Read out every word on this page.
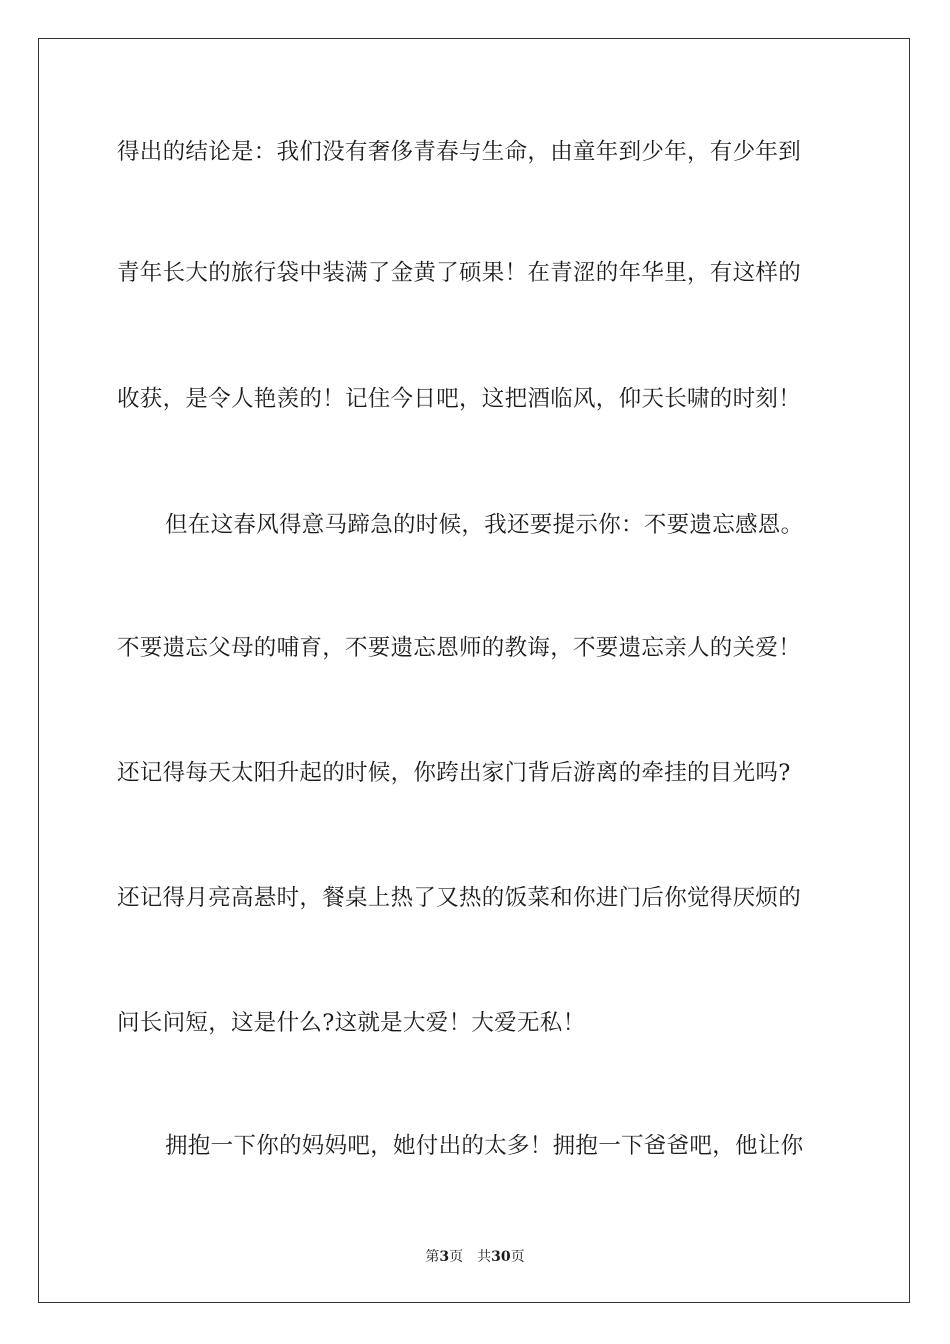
得出的结论是：我们没有奢侈青春与生命，由童年到少年，有少年到
青年长大的旅行袋中装满了金黄了硕果！在青涩的年华里，有这样的
收获，是令人艳羡的！记住今日吧，这把酒临风，仰天长啸的时刻！
但在这春风得意马蹄急的时候，我还要提示你：不要遗忘感恩。
不要遗忘父母的哺育，不要遗忘恩师的教诲，不要遗忘亲人的关爱！
还记得每天太阳升起的时候，你跨出家门背后游离的牵挂的目光吗?
还记得月亮高悬时，餐桌上热了又热的饭菜和你进门后你觉得厌烦的
问长问短，这是什么?这就是大爱！大爱无私！
拥抱一下你的妈妈吧，她付出的太多！拥抱一下爸爸吧，他让你
第3页 共30页
